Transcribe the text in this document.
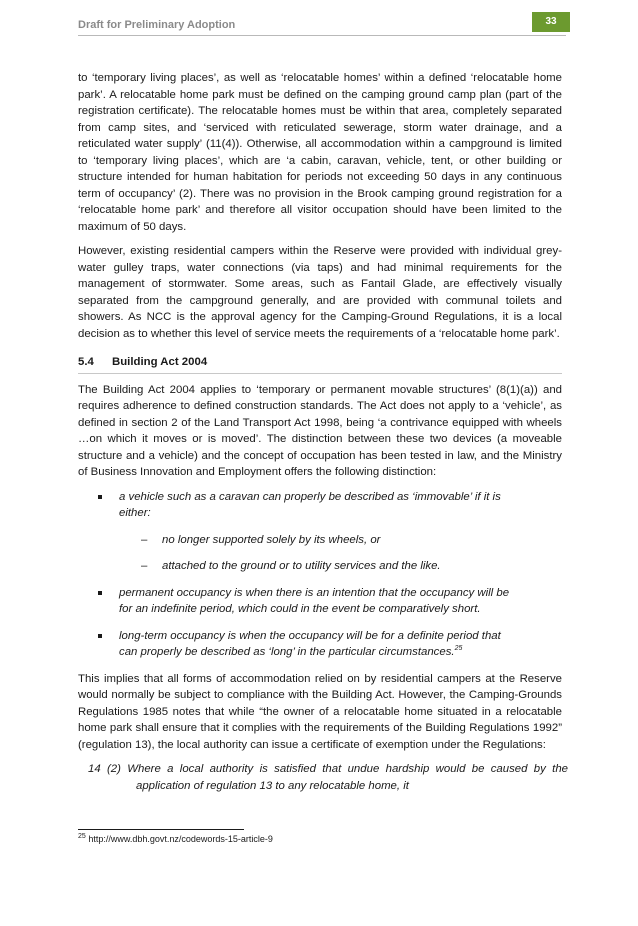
Draft for Preliminary Adoption	33

to ‘temporary living places’, as well as ‘relocatable homes’ within a defined ‘relocatable home park’. A relocatable home park must be defined on the camping ground camp plan (part of the registration certificate). The relocatable homes must be within that area, completely separated from camp sites, and ‘serviced with reticulated sewerage, storm water drainage, and a reticulated water supply’ (11(4)). Otherwise, all accommodation within a campground is limited to ‘temporary living places’, which are ‘a cabin, caravan, vehicle, tent, or other building or structure intended for human habitation for periods not exceeding 50 days in any continuous term of occupancy’ (2). There was no provision in the Brook camping ground registration for a ‘relocatable home park’ and therefore all visitor occupation should have been limited to the maximum of 50 days.

However, existing residential campers within the Reserve were provided with individual grey-water gulley traps, water connections (via taps) and had minimal requirements for the management of stormwater. Some areas, such as Fantail Glade, are effectively visually separated from the campground generally, and are provided with communal toilets and showers. As NCC is the approval agency for the Camping-Ground Regulations, it is a local decision as to whether this level of service meets the requirements of a ‘relocatable home park’.

5.4	Building Act 2004

The Building Act 2004 applies to ‘temporary or permanent movable structures’ (8(1)(a)) and requires adherence to defined construction standards. The Act does not apply to a ‘vehicle’, as defined in section 2 of the Land Transport Act 1998, being ‘a contrivance equipped with wheels …on which it moves or is moved’. The distinction between these two devices (a moveable structure and a vehicle) and the concept of occupation has been tested in law, and the Ministry of Business Innovation and Employment offers the following distinction:

a vehicle such as a caravan can properly be described as ‘immovable’ if it is either:
– no longer supported solely by its wheels, or
– attached to the ground or to utility services and the like.
permanent occupancy is when there is an intention that the occupancy will be for an indefinite period, which could in the event be comparatively short.
long-term occupancy is when the occupancy will be for a definite period that can properly be described as ‘long’ in the particular circumstances.$^{25}$

This implies that all forms of accommodation relied on by residential campers at the Reserve would normally be subject to compliance with the Building Act. However, the Camping-Grounds Regulations 1985 notes that while “the owner of a relocatable home situated in a relocatable home park shall ensure that it complies with the requirements of the Building Regulations 1992” (regulation 13), the local authority can issue a certificate of exemption under the Regulations:

14 (2) Where a local authority is satisfied that undue hardship would be caused by the application of regulation 13 to any relocatable home, it

$^{25}$ http://www.dbh.govt.nz/codewords-15-article-9
